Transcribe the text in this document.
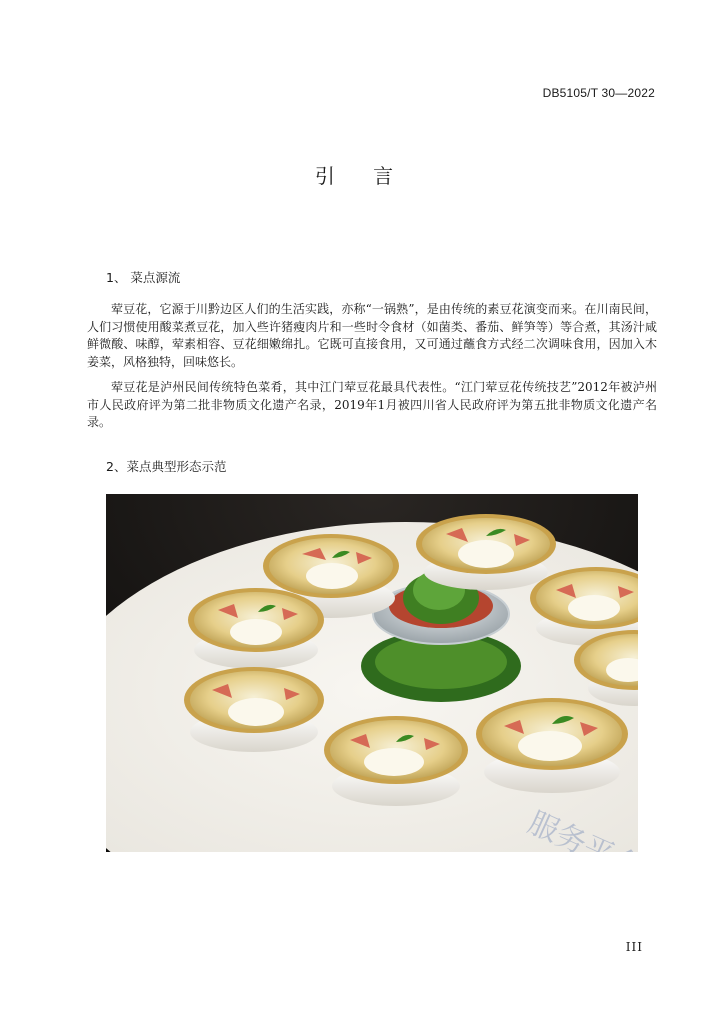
DB5105/T 30—2022
引 言
1、 菜点源流

荤豆花，它源于川黔边区人们的生活实践，亦称“一锅熟”，是由传统的素豆花演变而来。在川南民间，人们习惯使用酸菜煮豆花，加入些许猪瘦肉片和一些时令食材（如菌类、番茄、鲜笋等）等合煮，其汤汁咸鲜微酸、味醇，荤素相容、豆花细嫩绵扎。它既可直接食用，又可通过蘸食方式经二次调味食用，因加入木姜菜，风格独特，回味悠长。

荤豆花是泸州民间传统特色菜肴，其中江门荤豆花最具代表性。“江门荤豆花传统技艺”2012年被泸州市人民政府评为第二批非物质文化遗产名录，2019年1月被四川省人民政府评为第五批非物质文化遗产名录。

2、菜点典型形态示范
服务平台
III
